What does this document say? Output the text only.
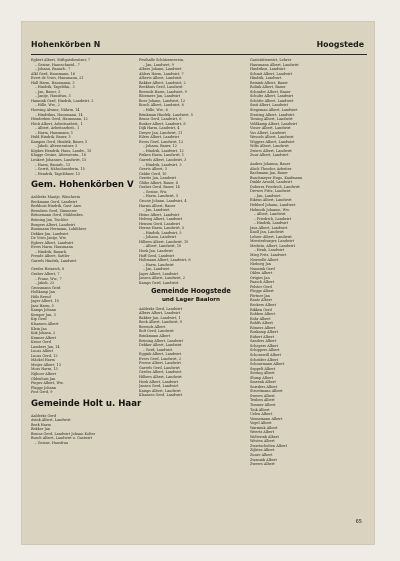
Hohenkörben N	Hoogstede
Egbert Albert, Stiftgutsbesitzer, 7
– Gesine, Hausschneid., 7
– Johann, Bauarb., 7
Alkl Gerd, Hausmann, 16
Evert de Vries, Hausmann, 21
Hall Harm, Hausmann, 3
– Hindrik, Tagelöhn., 3
– Jan, Bauer, 3
– Jantje, Hausfrau, 3
Hannink Gerd, Hindrik, Landwirt, 2
– Hille, Ww., 2
Hoeving Alwine, Nährin, 14
– Hindrikus, Hausmann, 14
Hönderken Gerd, Hausmann, 12
Höck Albert, Arbeitsarbeit., 1
– Albert, Arbeitsarbeit., 1
– Harm, Hausmann, 1
Huld Hindrik, Bauer, 3
Kampen Gerd, Hindrik, Bauer, 5
– Jakob, Altersrentner, 5
Köpkes Hendrik, Haus, Landw., 15
Klugge Gesine, Altersrentn., 16
Leukert Johannes, Landwirt, 15
– Harm, Bauarb., 15
– Gerrit, Nähschneiderin, 15
– Hendrik, Tagelöhner, 15
Gem. Hohenkörben V
Aalderks Maatje, Wäscherin
Beckmann Gerd, Landwirt
Berkhuis Hindrik, Gast- Anw.
Berndsen Gerd, Zimmerer
Brünemann Gerd, Mühlenbes.
Brüning Jan, Tischler
Burgers Albert, Landwirt
Bussmann Hermann, Lokführer
Dekker Jan, Landwirt
De Vries Jantje, Ww.
Egbers Albert, Landwirt
Evers Harm, Hausmann
– Hindrik, Bauarb.
Freude Albert, Sattler
Garrels Hindrik, Landwirt
Gerdes Heinrich, 8
Graber Albert, 7
– Franz, Ww., 7
– Jakob, 22
Grossmann Gerd
Holtkamp Jan
Hüls Bernd
Jager Albert, 10
Jans Harm, 5
Kamps Johann
Kemper Jan, 3
Kip Gerd
Klaassen Albert
Klein Jan
Kok Johann, 2
Kramer Albert
Kruse Gerd
Lambers Jan, 14
Lucas Albert
Lucas Gerd, 12
Mäckel Harm
Meijer Albert, 13
Moss Harm, 13
Nijboer Albert
Oldenhuis Jan
Pieper Albert, Ww.
Plagge Johann
Post Gerd, 9
Gemeinde Holt u. Haar
Aalderks Gerd
Avink Albert, Landwirt
Beek Harm
Bekker Jan
Bruins Gerd, Landwirt Johann Kolter
Busch Albert, Landwirt u. Gastwirt
– Gesine, Hausfrau
Festhalle Schützenverein,
– Jan, Landwirt, 9
Albers Johann, Landwirt
Ahlers Harm, Landwirt, 7
Alberts Albert, Landwirt
Bakker Albert, Landwirt, 2
Beekhuis Gerd, Landwirt
Berends Harm, Landwirt, 9
Bloemers Jan, Landwirt
Boer Johann, Landwirt, 12
Bosch Albert, Landwirt, 6
– Hille, Ww., 6
Brinkman Hindrik, Landwirt, 5
Bruns Gerd, Landwirt, 6
Busker Albert, Landwirt, 8
Dijk Harm, Landwirt, 4
Dreyer Jan, Landwirt, 11
Eilers Albert, Landwirt
Evers Gerd, Landwirt, 12
– Johann, Bauer, 12
– Hindrik, Landwirt, 12
Feiken Harm, Landwirt, 1
Garrels Albert, Landwirt, 3
– Hindrik, Landwirt, 3
Geerts Albert, 3
Gebbe Gerd, 10
Gerrits Jan, Landwirt
Glühe Albert, Bauer, 4
Graber Gerd, Bauer, 14
– Gesine, Ww.
– Harm, Landwirt, 5
Groote Johann, Landwirt, 4
Harms Albert, Bauer
– Jan, Landwirt
Heine Albert, Landwirt
Helweg Albert, Landwirt
Hensen Gerd, Landwirt
Herms Harm, Landwirt, 5
– Hindrik, Landwirt, 5
– Johann, Landwirt
Hilbers Albert, Landwirt, 10
– Albert, Landwirt, 10
Hoek Jan, Landwirt
Hoff Gerd, Landwirt
Holtmann Albert, Landwirt, 6
– Harm, Landwirt
– Jan, Landwirt
Jager Albert, Landwirt
Jansen Albert, Landwirt, 2
Kamps Gerd, Landwirt
Gemeinde Hoogstede
und Lager Baalorn
Aalderks Gerd, Landwirt
Albers Albert, Landwirt
Bakker Jan, Landwirt, 1
Beek Albert, Landwirt, 9
Berends Albert
Bolt Gerd, Landwirt
Brinkmann Albert
Brüning Albert, Landwirt
Dekker Albert, Landwirt
– Gerd, Landwirt
Eggink Albert, Landwirt
Evers Gerd, Landwirt, 2
Freese Albert, Landwirt
Garrels Gerd, Landwirt
Gerdes Albert, Landwirt
Hilbers Albert, Landwirt
Hoek Albert, Landwirt
Jansen Gerd, Landwirt
Kamps Albert, Landwirt
Klaassen Gerd, Landwirt
Gaststättenwirt, Lehrer
Hausmann Albert, Landwirt
Hindrikus, Landwirt
Schmit Albert, Landwirt
Hindrik, Landwirt
Reinink Albert, Bauer
Rolink Albert, Bauer
Schrader Albert, Bauer
Schulte Albert, Landwirt
Schütte Albert, Landwirt
Smit Albert, Landwirt
Stegeman Albert, Landwirt
Strating Albert, Landwirt
Tiesing Albert, Landwirt
Veldkamp Albert, Landwirt
Visser Albert, Landwirt
Vos Albert, Landwirt
Wessels Albert, Landwirt
Wiggers Albert, Landwirt
Wilts Albert, Landwirt
Zwiers Albert, Landwirt
Zuur Albert, Landwirt
Andres Johanna, Bauer
Alsch Theodor, Arbeiter
Bachmann Jan, Bauer
Buschmeyer Hugo, Kaufmann
Dinkle Arnold, Landwirt
Doberra Friedrich, Landwirt
Drewes Fritz, Landwirt
– Jan, Landwirt
Eikens Albert, Landwirt
Hebberl Johann, Landwirt
Helmuth Johanne, Ww.
– Albert, Landwirt
– Friedrich, Landwirt
– Hindrik, Landwirt
Jaus Albert, Landwirt
Knoll Jan, Landwirt
Lehrer Albert, Landwirt
Meesterburger, Landwirt
Medwin, Albert, Landwirt
– Henk, Landwirt
Mieg Fritz, Landwirt
Neuwelle Albert
Nieborg Jan
Nunnink Gerd
Ohlen Albert
Ortgies Jan
Paasch Albert
Pelster Gerd
Plegge Albert
Pörtner Jan
Raatz Albert
Reckers Albert
Rikken Gerd
Robben Albert
Rohr Albert
Rohlfs Albert
Römers Albert
Roskamp Albert
Rübert Albert
Sanders Albert
Schepers Albert
Schippers Albert
Schonewill Albert
Schröder Albert
Schuurmann Albert
Seppelt Albert
Siering Albert
Slump Albert
Smeenk Albert
Snieders Albert
Stroetmann Albert
Sweers Albert
Teuben Albert
Timmer Albert
Tuik Albert
Uelen Albert
Vennemann Albert
Vogel Albert
Warmink Albert
Weertz Albert
Wolterink Albert
Wösten Albert
Zwartscholten Albert
Zijlstra Albert
Zuure Albert
Zwanink Albert
Zweers Albert
65
